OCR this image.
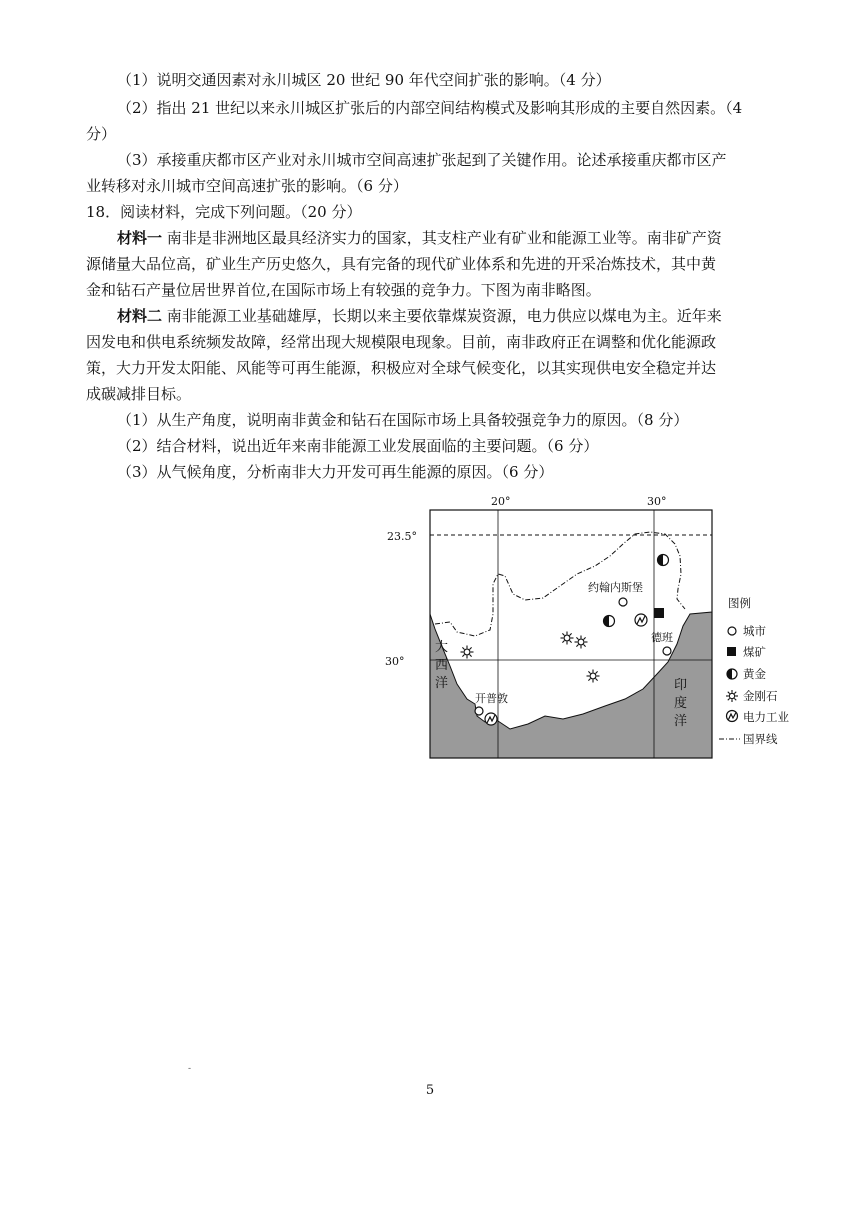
（1）说明交通因素对永川城区 20 世纪 90 年代空间扩张的影响。（4 分）
（2）指出 21 世纪以来永川城区扩张后的内部空间结构模式及影响其形成的主要自然因素。（4
分）
（3）承接重庆都市区产业对永川城市空间高速扩张起到了关键作用。论述承接重庆都市区产
业转移对永川城市空间高速扩张的影响。（6 分）
18．阅读材料，完成下列问题。（20 分）
材料一 南非是非洲地区最具经济实力的国家，其支柱产业有矿业和能源工业等。南非矿产资
源储量大品位高，矿业生产历史悠久，具有完备的现代矿业体系和先进的开采冶炼技术，其中黄
金和钻石产量位居世界首位,在国际市场上有较强的竞争力。下图为南非略图。
材料二 南非能源工业基础雄厚，长期以来主要依靠煤炭资源，电力供应以煤电为主。近年来
因发电和供电系统频发故障，经常出现大规模限电现象。目前，南非政府正在调整和优化能源政
策，大力开发太阳能、风能等可再生能源，积极应对全球气候变化，以其实现供电安全稳定并达
成碳减排目标。
（1）从生产角度，说明南非黄金和钻石在国际市场上具备较强竞争力的原因。（8 分）
（2）结合材料，说出近年来南非能源工业发展面临的主要问题。（6 分）
（3）从气候角度，分析南非大力开发可再生能源的原因。（6 分）
20°	30°
23.5°
30°
大
西
洋	印
度
洋
约翰内斯堡
德班
开普敦
图例
城市
煤矿
黄金
金刚石
电力工业
国界线
-
5
